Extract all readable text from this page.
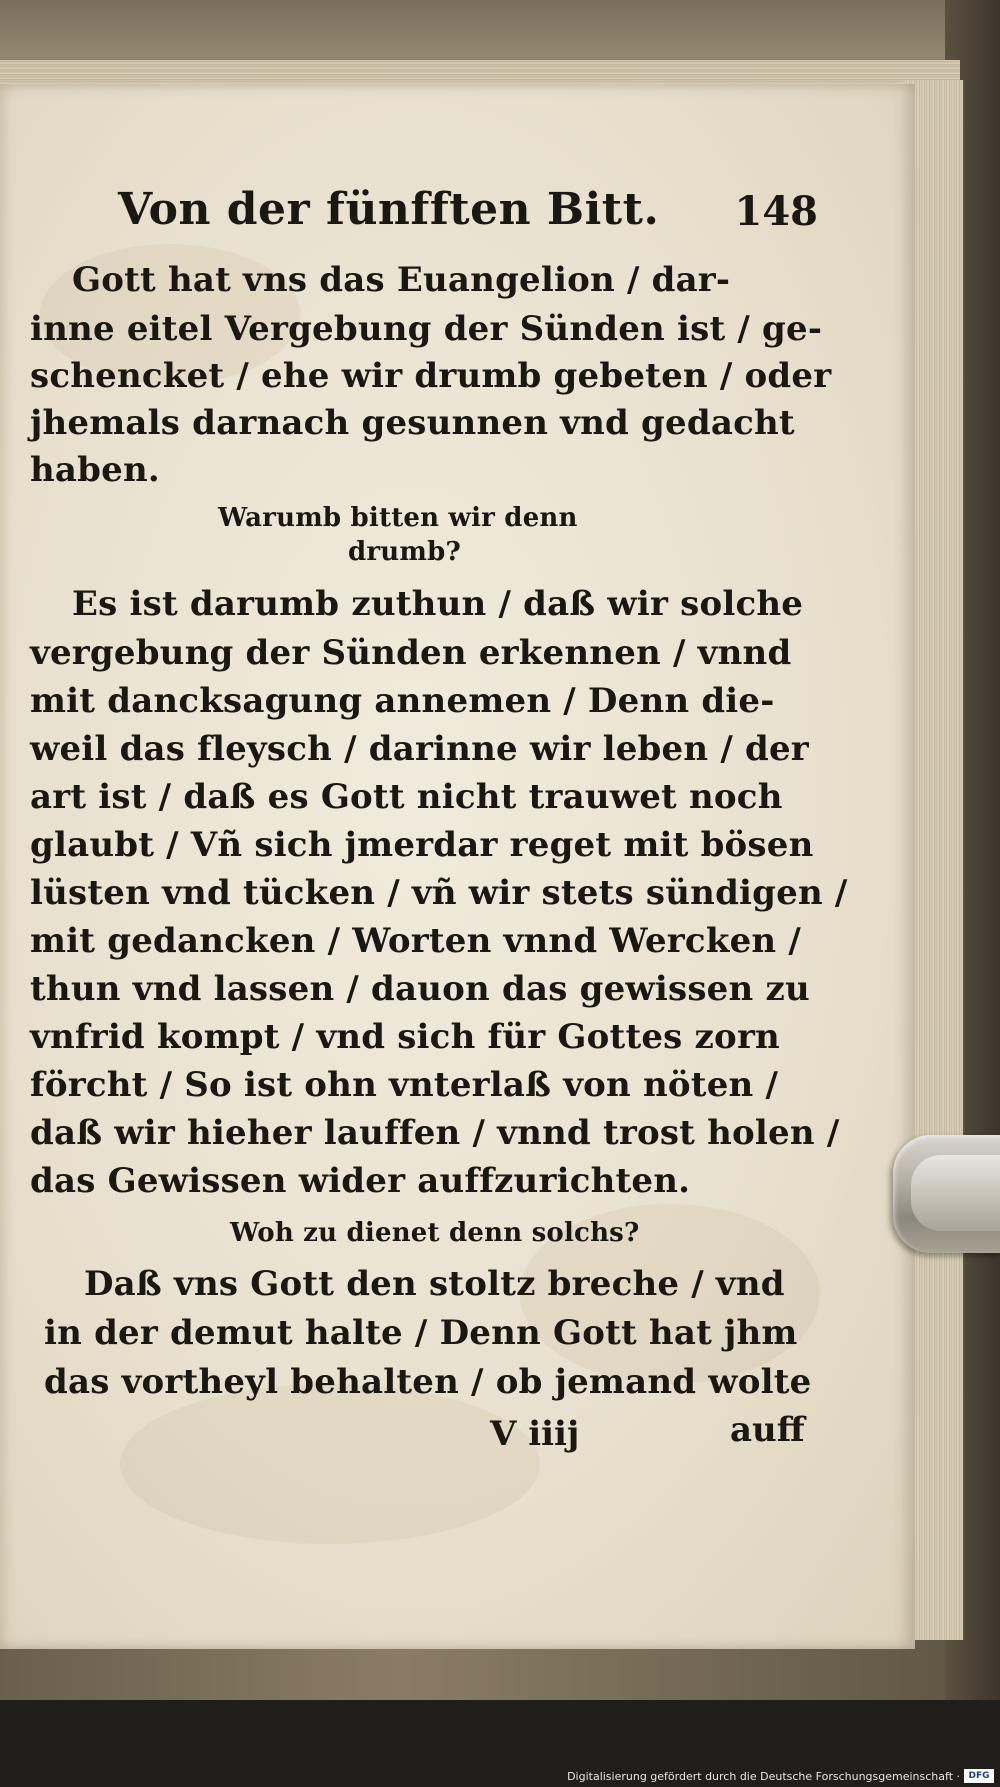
Von der fünfften Bitt. 148
Gott hat vns das Euangelion / dar-
inne eitel Vergebung der Sünden ist / ge-
schencket / ehe wir drumb gebeten / oder
jhemals darnach gesunnen vnd gedacht
haben.
Warumb bitten wir denn
drumb?
Es ist darumb zuthun / daß wir solche
vergebung der Sünden erkennen / vnnd
mit dancksagung annemen / Denn die-
weil das fleysch / darinne wir leben / der
art ist / daß es Gott nicht trauwet noch
glaubt / Vñ sich jmerdar reget mit bösen
lüsten vnd tücken / vñ wir stets sündigen /
mit gedancken / Worten vnnd Wercken /
thun vnd lassen / dauon das gewissen zu
vnfrid kompt / vnd sich für Gottes zorn
förcht / So ist ohn vnterlaß von nöten /
daß wir hieher lauffen / vnnd trost holen /
das Gewissen wider auffzurichten.
Woh zu dienet denn solchs?
Daß vns Gott den stoltz breche / vnd
in der demut halte / Denn Gott hat jhm
das vortheyl behalten / ob jemand wolte
V iiij	auff
Digitalisierung gefördert durch die Deutsche Forschungsgemeinschaft · DFG
